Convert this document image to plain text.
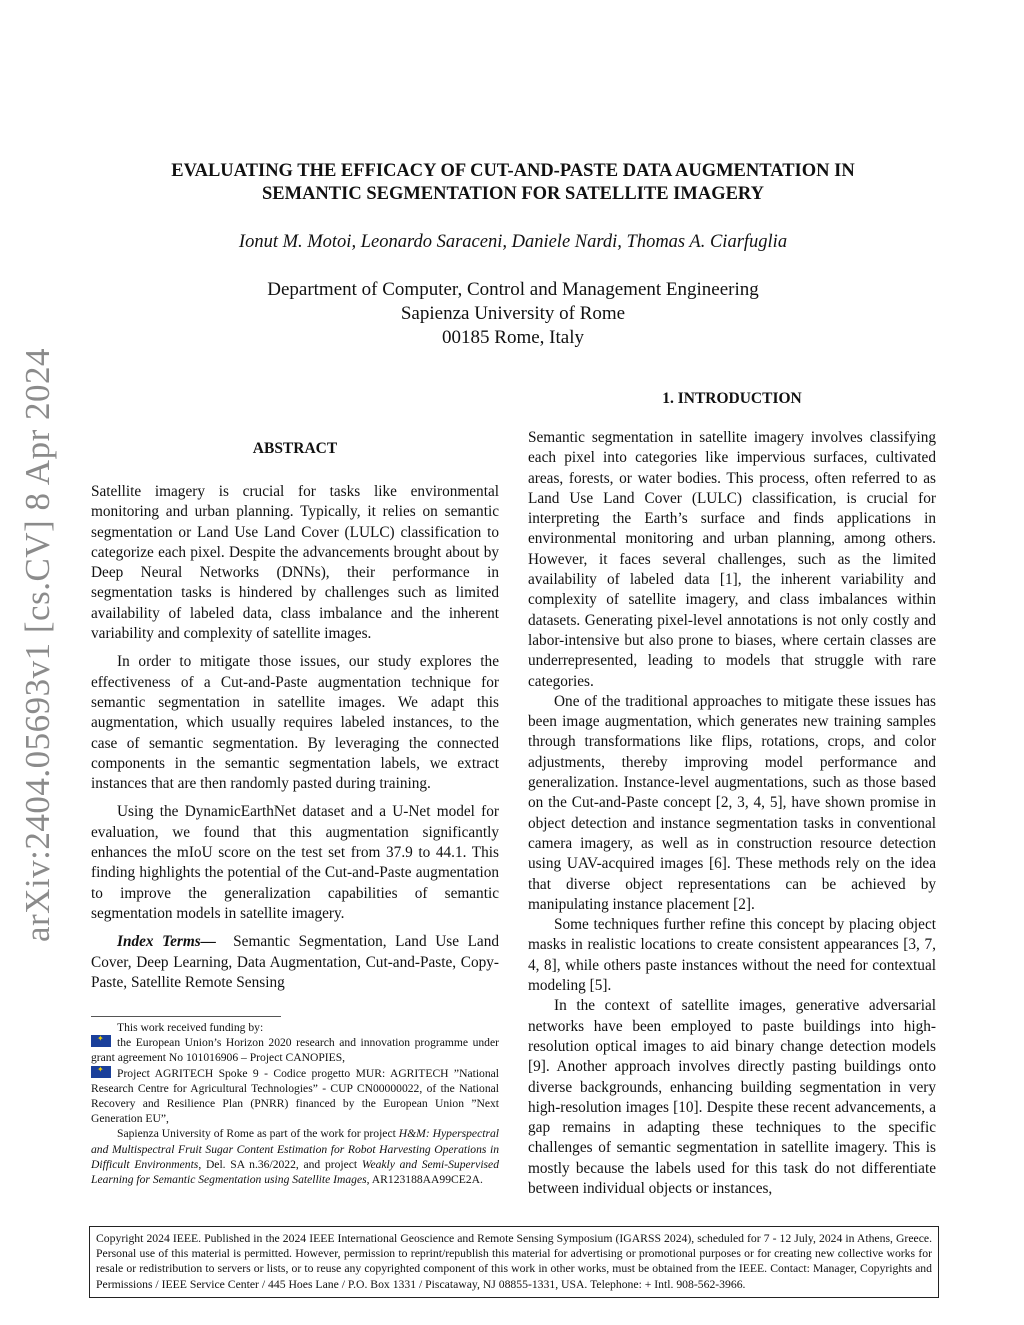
arXiv:2404.05693v1 [cs.CV] 8 Apr 2024
EVALUATING THE EFFICACY OF CUT-AND-PASTE DATA AUGMENTATION IN
SEMANTIC SEGMENTATION FOR SATELLITE IMAGERY
Ionut M. Motoi, Leonardo Saraceni, Daniele Nardi, Thomas A. Ciarfuglia
Department of Computer, Control and Management Engineering
Sapienza University of Rome
00185 Rome, Italy
ABSTRACT

Satellite imagery is crucial for tasks like environmental monitoring and urban planning. Typically, it relies on semantic segmentation or Land Use Land Cover (LULC) classification to categorize each pixel. Despite the advancements brought about by Deep Neural Networks (DNNs), their performance in segmentation tasks is hindered by challenges such as limited availability of labeled data, class imbalance and the inherent variability and complexity of satellite images.

In order to mitigate those issues, our study explores the effectiveness of a Cut-and-Paste augmentation technique for semantic segmentation in satellite images. We adapt this augmentation, which usually requires labeled instances, to the case of semantic segmentation. By leveraging the connected components in the semantic segmentation labels, we extract instances that are then randomly pasted during training.

Using the DynamicEarthNet dataset and a U-Net model for evaluation, we found that this augmentation significantly enhances the mIoU score on the test set from 37.9 to 44.1. This finding highlights the potential of the Cut-and-Paste augmentation to improve the generalization capabilities of semantic segmentation models in satellite imagery.

Index Terms— Semantic Segmentation, Land Use Land Cover, Deep Learning, Data Augmentation, Cut-and-Paste, Copy-Paste, Satellite Remote Sensing

This work received funding by:

✦the European Union’s Horizon 2020 research and innovation programme under grant agreement No 101016906 – Project CANOPIES,

✦Project AGRITECH Spoke 9 - Codice progetto MUR: AGRITECH ”National Research Centre for Agricultural Technologies” - CUP CN00000022, of the National Recovery and Resilience Plan (PNRR) financed by the European Union ”Next Generation EU”,

Sapienza University of Rome as part of the work for project H&M: Hyperspectral and Multispectral Fruit Sugar Content Estimation for Robot Harvesting Operations in Difficult Environments, Del. SA n.36/2022, and project Weakly and Semi-Supervised Learning for Semantic Segmentation using Satellite Images, AR123188AA99CE2A.

1. INTRODUCTION

Semantic segmentation in satellite imagery involves classifying each pixel into categories like impervious surfaces, cultivated areas, forests, or water bodies. This process, often referred to as Land Use Land Cover (LULC) classification, is crucial for interpreting the Earth’s surface and finds applications in environmental monitoring and urban planning, among others. However, it faces several challenges, such as the limited availability of labeled data [1], the inherent variability and complexity of satellite imagery, and class imbalances within datasets. Generating pixel-level annotations is not only costly and labor-intensive but also prone to biases, where certain classes are underrepresented, leading to models that struggle with rare categories.

One of the traditional approaches to mitigate these issues has been image augmentation, which generates new training samples through transformations like flips, rotations, crops, and color adjustments, thereby improving model performance and generalization. Instance-level augmentations, such as those based on the Cut-and-Paste concept [2, 3, 4, 5], have shown promise in object detection and instance segmentation tasks in conventional camera imagery, as well as in construction resource detection using UAV-acquired images [6]. These methods rely on the idea that diverse object representations can be achieved by manipulating instance placement [2].

Some techniques further refine this concept by placing object masks in realistic locations to create consistent appearances [3, 7, 4, 8], while others paste instances without the need for contextual modeling [5].

In the context of satellite images, generative adversarial networks have been employed to paste buildings into high-resolution optical images to aid binary change detection models [9]. Another approach involves directly pasting buildings onto diverse backgrounds, enhancing building segmentation in very high-resolution images [10]. Despite these recent advancements, a gap remains in adapting these techniques to the specific challenges of semantic segmentation in satellite imagery. This is mostly because the labels used for this task do not differentiate between individual objects or instances,

Copyright 2024 IEEE. Published in the 2024 IEEE International Geoscience and Remote Sensing Symposium (IGARSS 2024), scheduled for 7 - 12 July, 2024 in Athens, Greece. Personal use of this material is permitted. However, permission to reprint/republish this material for advertising or promotional purposes or for creating new collective works for resale or redistribution to servers or lists, or to reuse any copyrighted component of this work in other works, must be obtained from the IEEE. Contact: Manager, Copyrights and Permissions / IEEE Service Center / 445 Hoes Lane / P.O. Box 1331 / Piscataway, NJ 08855-1331, USA. Telephone: + Intl. 908-562-3966.
